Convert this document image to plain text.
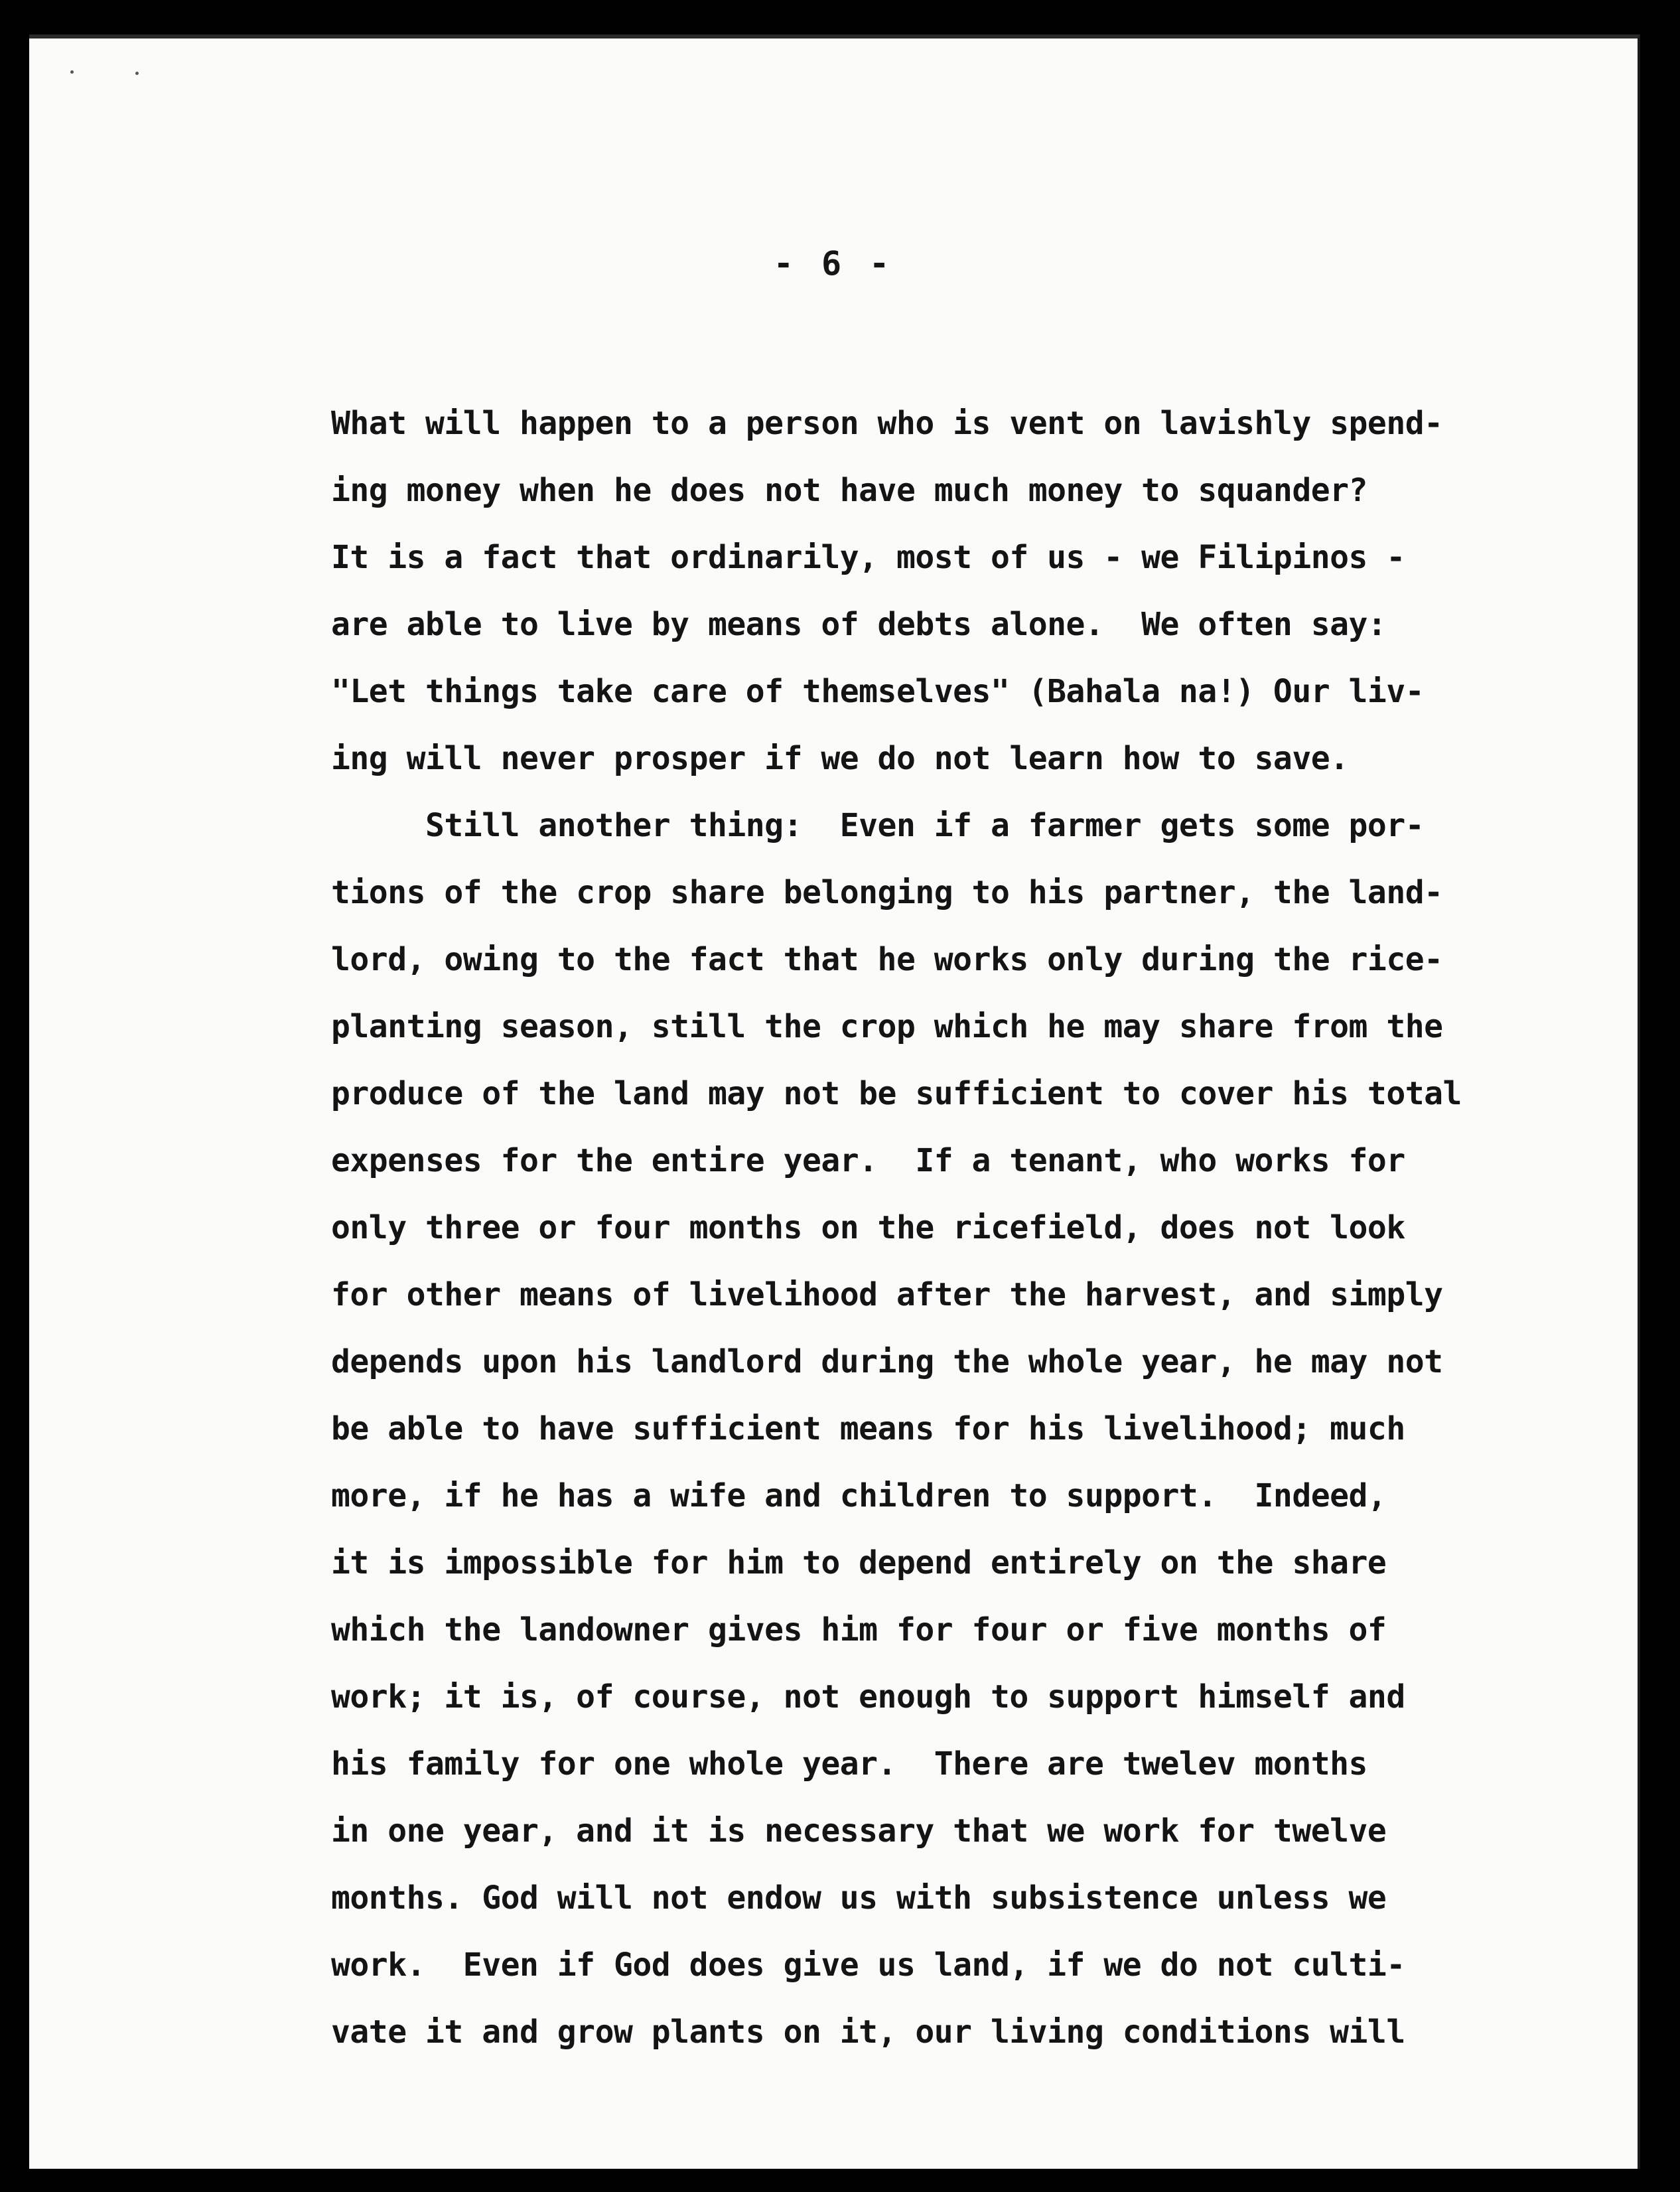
- 6 -
What will happen to a person who is vent on lavishly spend-
ing money when he does not have much money to squander?
It is a fact that ordinarily, most of us - we Filipinos -
are able to live by means of debts alone.  We often say:
"Let things take care of themselves" (Bahala na!) Our liv-
ing will never prosper if we do not learn how to save.
Still another thing:  Even if a farmer gets some por-
tions of the crop share belonging to his partner, the land-
lord, owing to the fact that he works only during the rice-
planting season, still the crop which he may share from the
produce of the land may not be sufficient to cover his total
expenses for the entire year.  If a tenant, who works for
only three or four months on the ricefield, does not look
for other means of livelihood after the harvest, and simply
depends upon his landlord during the whole year, he may not
be able to have sufficient means for his livelihood; much
more, if he has a wife and children to support.  Indeed,
it is impossible for him to depend entirely on the share
which the landowner gives him for four or five months of
work; it is, of course, not enough to support himself and
his family for one whole year.  There are twelev months
in one year, and it is necessary that we work for twelve
months. God will not endow us with subsistence unless we
work.  Even if God does give us land, if we do not culti-
vate it and grow plants on it, our living conditions will
